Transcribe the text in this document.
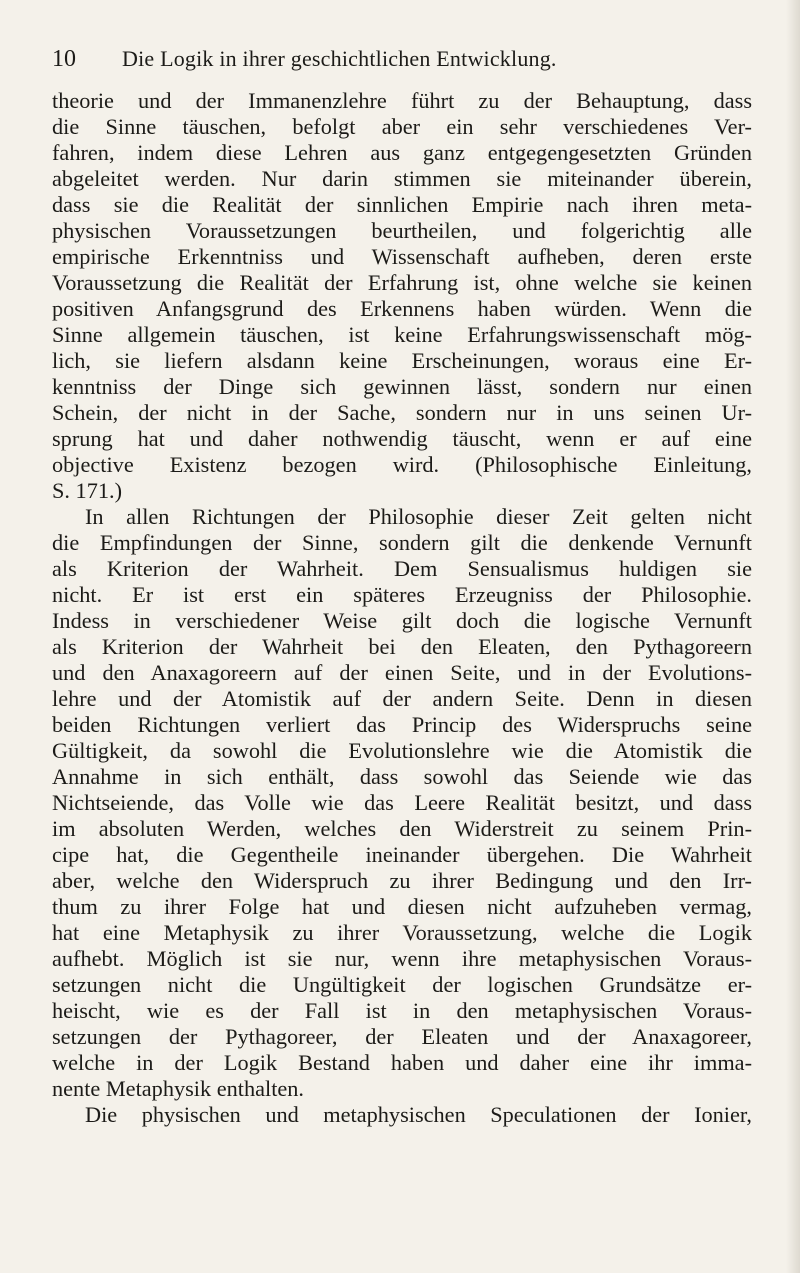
10	Die Logik in ihrer geschichtlichen Entwicklung.
theorie und der Immanenzlehre führt zu der Behauptung, dass
die Sinne täuschen, befolgt aber ein sehr verschiedenes Ver-
fahren, indem diese Lehren aus ganz entgegengesetzten Gründen
abgeleitet werden. Nur darin stimmen sie miteinander überein,
dass sie die Realität der sinnlichen Empirie nach ihren meta-
physischen Voraussetzungen beurtheilen, und folgerichtig alle
empirische Erkenntniss und Wissenschaft aufheben, deren erste
Voraussetzung die Realität der Erfahrung ist, ohne welche sie keinen
positiven Anfangsgrund des Erkennens haben würden. Wenn die
Sinne allgemein täuschen, ist keine Erfahrungswissenschaft mög-
lich, sie liefern alsdann keine Erscheinungen, woraus eine Er-
kenntniss der Dinge sich gewinnen lässt, sondern nur einen
Schein, der nicht in der Sache, sondern nur in uns seinen Ur-
sprung hat und daher nothwendig täuscht, wenn er auf eine
objective Existenz bezogen wird. (Philosophische Einleitung,
S. 171.)
In allen Richtungen der Philosophie dieser Zeit gelten nicht
die Empfindungen der Sinne, sondern gilt die denkende Vernunft
als Kriterion der Wahrheit. Dem Sensualismus huldigen sie
nicht. Er ist erst ein späteres Erzeugniss der Philosophie.
Indess in verschiedener Weise gilt doch die logische Vernunft
als Kriterion der Wahrheit bei den Eleaten, den Pythagoreern
und den Anaxagoreern auf der einen Seite, und in der Evolutions-
lehre und der Atomistik auf der andern Seite. Denn in diesen
beiden Richtungen verliert das Princip des Widerspruchs seine
Gültigkeit, da sowohl die Evolutionslehre wie die Atomistik die
Annahme in sich enthält, dass sowohl das Seiende wie das
Nichtseiende, das Volle wie das Leere Realität besitzt, und dass
im absoluten Werden, welches den Widerstreit zu seinem Prin-
cipe hat, die Gegentheile ineinander übergehen. Die Wahrheit
aber, welche den Widerspruch zu ihrer Bedingung und den Irr-
thum zu ihrer Folge hat und diesen nicht aufzuheben vermag,
hat eine Metaphysik zu ihrer Voraussetzung, welche die Logik
aufhebt. Möglich ist sie nur, wenn ihre metaphysischen Voraus-
setzungen nicht die Ungültigkeit der logischen Grundsätze er-
heischt, wie es der Fall ist in den metaphysischen Voraus-
setzungen der Pythagoreer, der Eleaten und der Anaxagoreer,
welche in der Logik Bestand haben und daher eine ihr imma-
nente Metaphysik enthalten.
Die physischen und metaphysischen Speculationen der Ionier,
